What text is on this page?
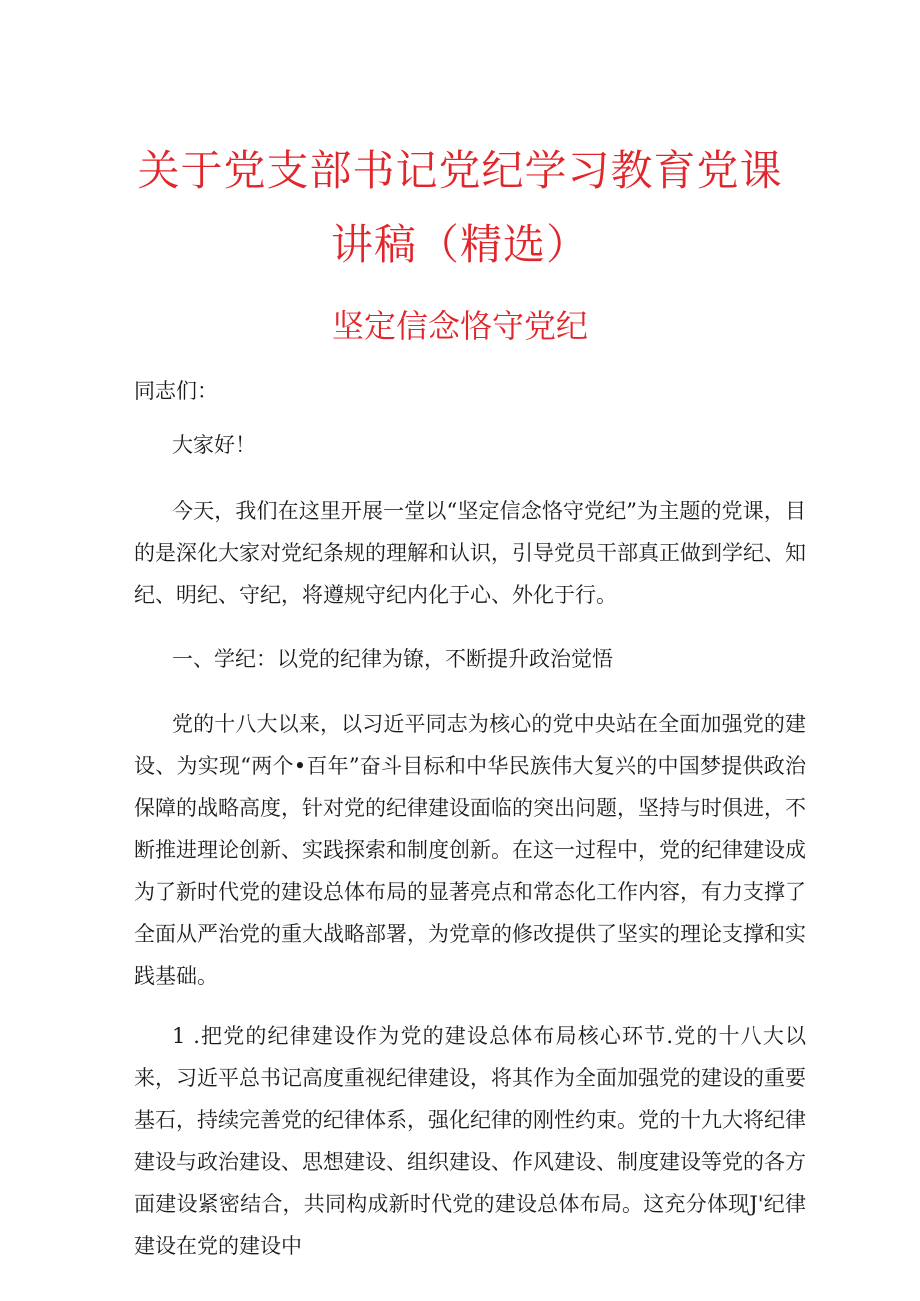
关于党支部书记党纪学习教育党课
讲稿（精选）
坚定信念恪守党纪

同志们：

大家好！

今天，我们在这里开展一堂以“坚定信念恪守党纪”为主题的党课，目的是深化大家对党纪条规的理解和认识，引导党员干部真正做到学纪、知纪、明纪、守纪，将遵规守纪内化于心、外化于行。

一、学纪：以党的纪律为镣，不断提升政治觉悟

党的十八大以来，以习近平同志为核心的党中央站在全面加强党的建设、为实现“两个•百年”奋斗目标和中华民族伟大复兴的中国梦提供政治保障的战略高度，针对党的纪律建设面临的突出问题，坚持与时俱进，不断推进理论创新、实践探索和制度创新。在这一过程中，党的纪律建设成为了新时代党的建设总体布局的显著亮点和常态化工作内容，有力支撑了全面从严治党的重大战略部署，为党章的修改提供了坚实的理论支撑和实践基础。

1 .把党的纪律建设作为党的建设总体布局核心环节.党的十八大以来，习近平总书记高度重视纪律建设，将其作为全面加强党的建设的重要基石，持续完善党的纪律体系，强化纪律的刚性约束。党的十九大将纪律建设与政治建设、思想建设、组织建设、作风建设、制度建设等党的各方面建设紧密结合，共同构成新时代党的建设总体布局。这充分体现J'纪律建设在党的建设中
